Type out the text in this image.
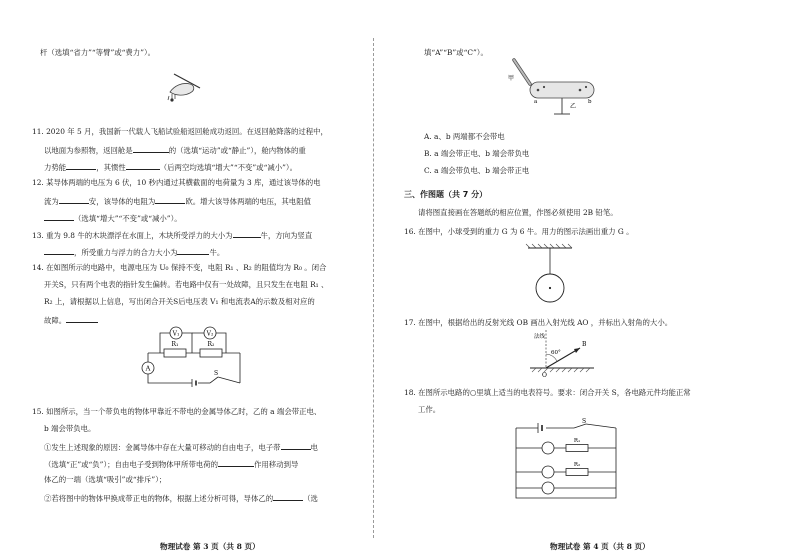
杆（选填“省力”“等臂”或“费力”）。
11. 2020 年 5 月，我国新一代载人飞船试验船返回舱成功返回。在返回舱降落的过程中，
以地面为参照物，返回舱是	的（选填“运动”或“静止”），舱内物体的重
力势能	，其惯性	（后两空均选填“增大”“不变”或“减小”）。
12. 某导体两端的电压为 6 伏，10 秒内通过其横截面的电荷量为 3 库，通过该导体的电
流为	安，该导体的电阻为	欧。增大该导体两端的电压，其电阻值
（选填“增大”“不变”或“减小”）。
13. 重为 9.8 牛的木块漂浮在水面上，木块所受浮力的大小为	牛，方向为竖直
，所受重力与浮力的合力大小为	牛。
14. 在如图所示的电路中，电源电压为 U₀ 保持不变，电阻 R₁ 、R₂ 的阻值均为 R₀ 。闭合
开关S，只有两个电表的指针发生偏转。若电路中仅有一处故障，且只发生在电阻 R₁ 、
R₂ 上，请根据以上信息，写出闭合开关S后电压表 V₁ 和电流表A的示数及相对应的
故障。
V₁	V₂
R₁	R₂
A
S
15. 如图所示，当一个带负电的物体甲靠近不带电的金属导体乙时，乙的 a 端会带正电、
b 端会带负电。
①发生上述现象的原因：金属导体中存在大量可移动的自由电子，电子带	电
（选填“正”或“负”）；自由电子受到物体甲所带电荷的	作用移动到导
体乙的一端（选填“吸引”或“排斥”）；
②若将图中的物体甲换成带正电的物体，根据上述分析可得，导体乙的	（选
物理试卷 第 3 页（共 8 页）
填“A”“B”或“C”）。
甲
乙
a	b
A. a、b 两端都不会带电
B. a 端会带正电、b 端会带负电
C. a 端会带负电、b 端会带正电
三、作图题（共 7 分）
请将图直接画在答题纸的相应位置，作图必须使用 2B 铅笔。
16. 在图中，小球受到的重力 G 为 6 牛。用力的图示法画出重力 G 。
17. 在图中，根据给出的反射光线 OB 画出入射光线 AO ，并标出入射角的大小。
法线
60°
B
O
18. 在图所示电路的○里填上适当的电表符号。要求：闭合开关 S，各电路元件均能正常
工作。
S
R₁
R₂
物理试卷 第 4 页（共 8 页）
